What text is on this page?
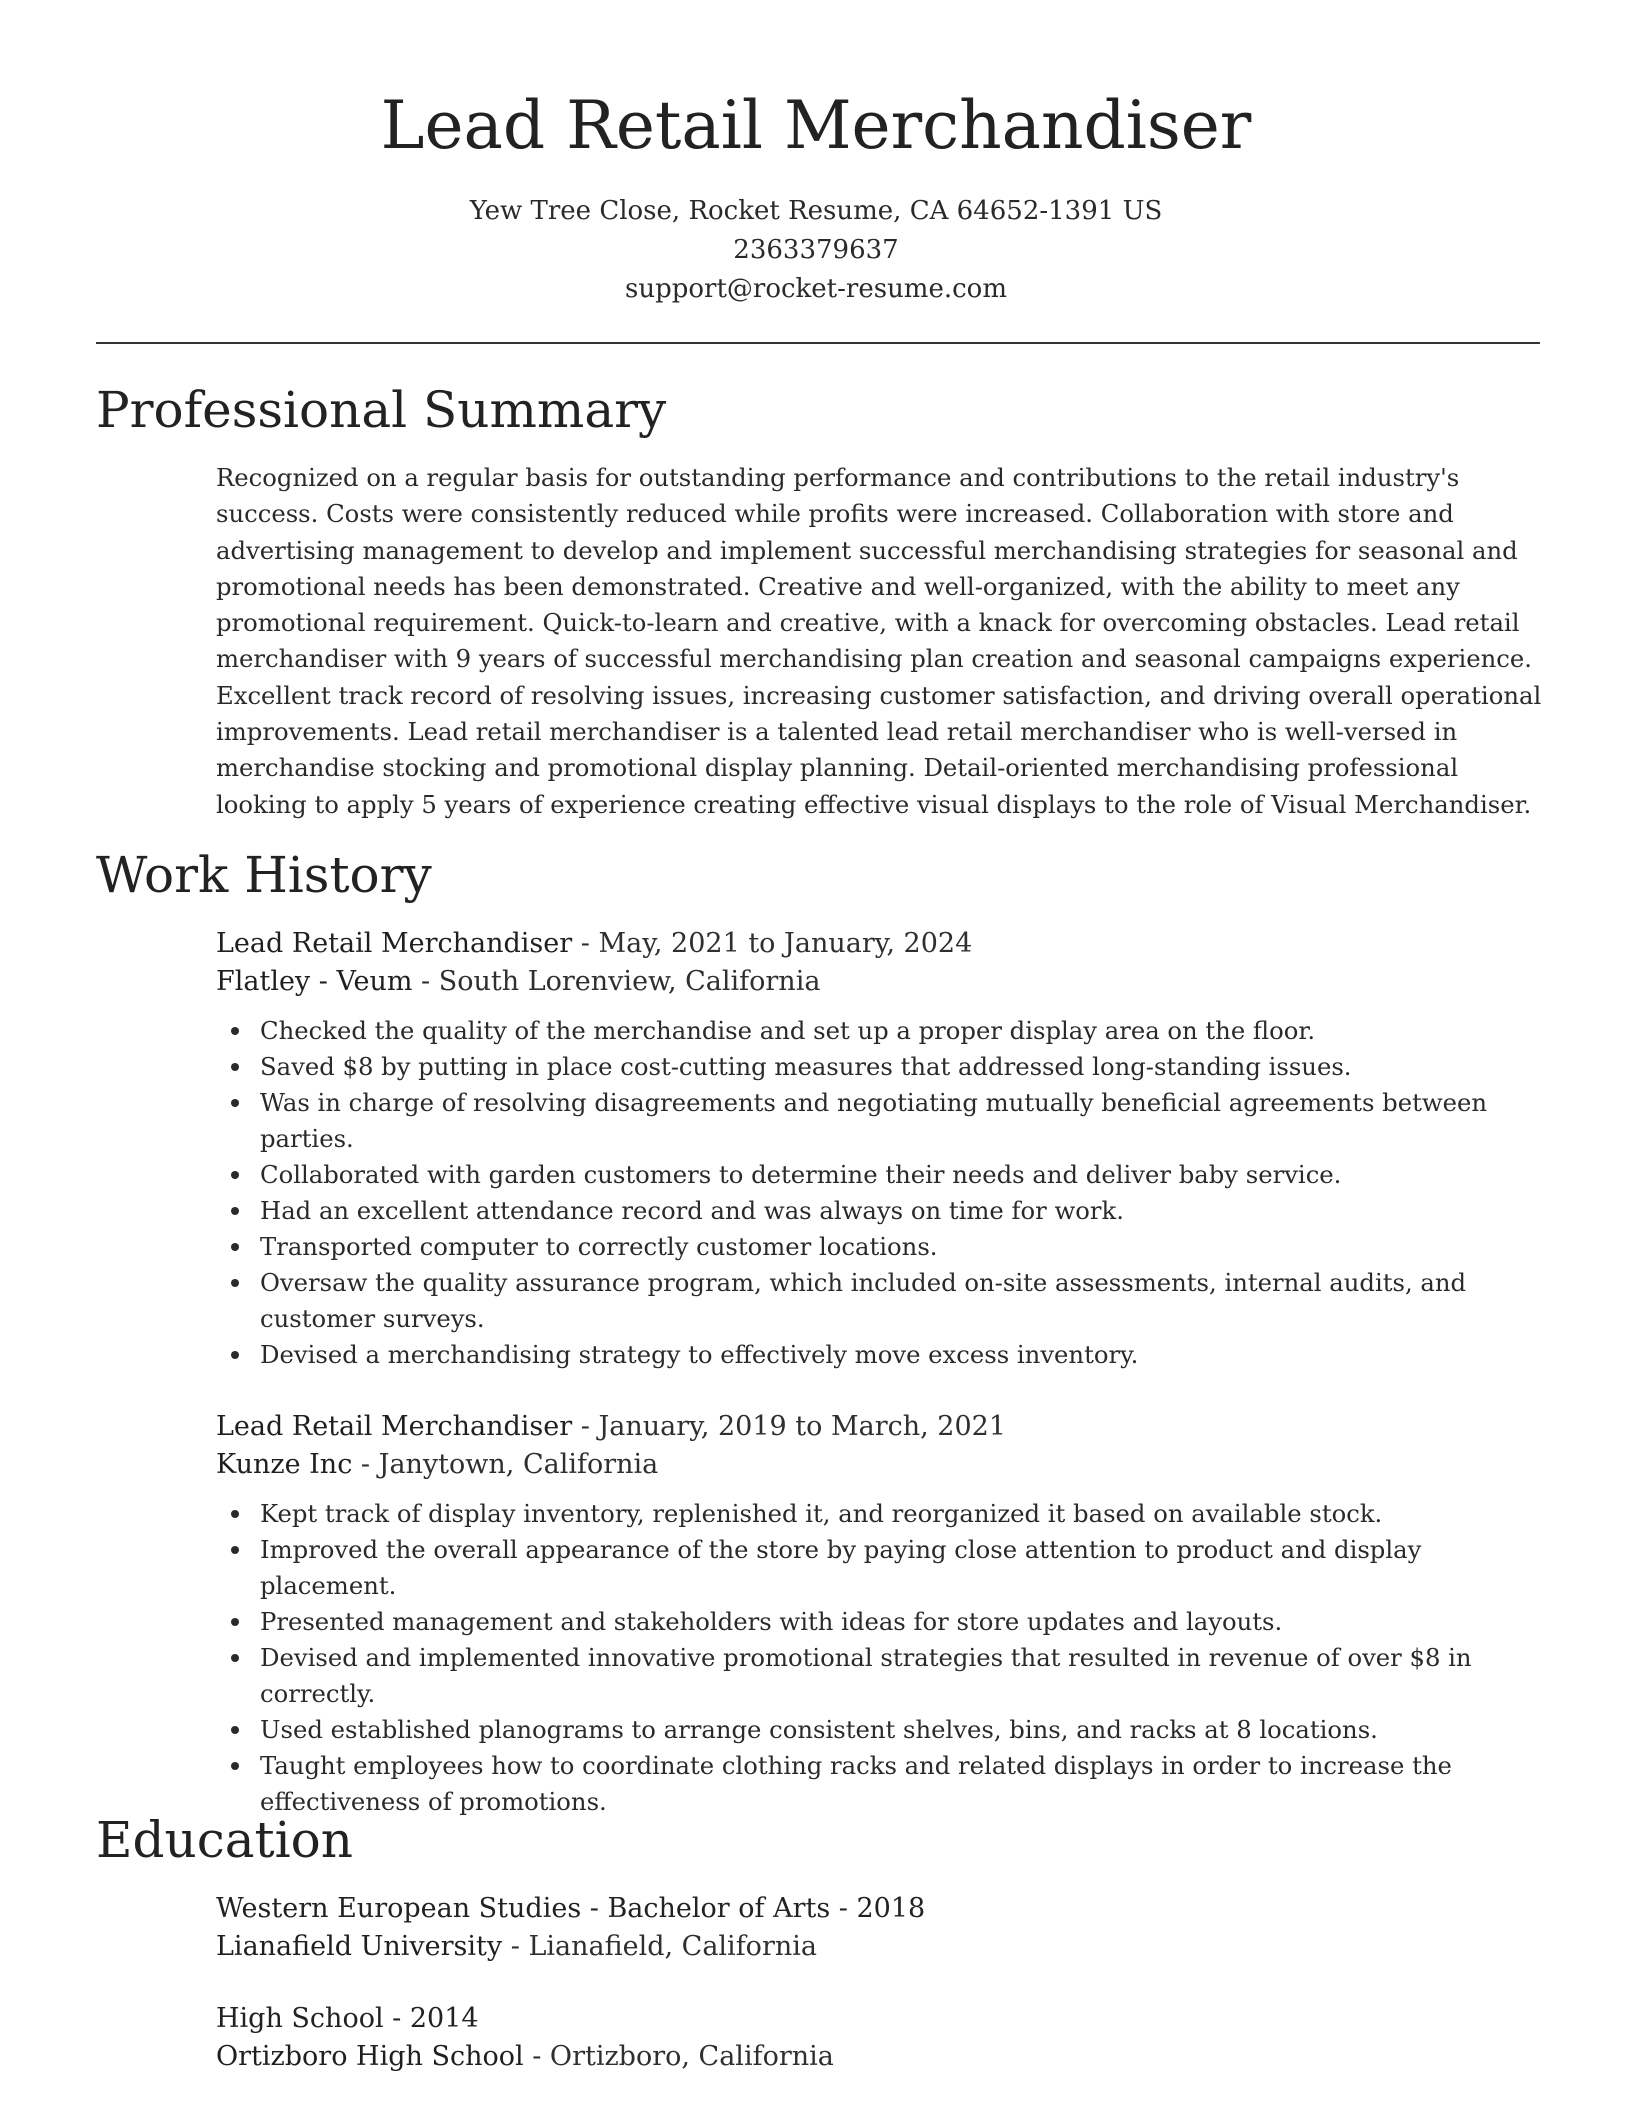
Lead Retail Merchandiser

Yew Tree Close, Rocket Resume, CA 64652-1391 US

2363379637

support@rocket-resume.com

Professional Summary

Recognized on a regular basis for outstanding performance and contributions to the retail industry's success. Costs were consistently reduced while profits were increased. Collaboration with store and advertising management to develop and implement successful merchandising strategies for seasonal and promotional needs has been demonstrated. Creative and well-organized, with the ability to meet any promotional requirement. Quick-to-learn and creative, with a knack for overcoming obstacles. Lead retail merchandiser with 9 years of successful merchandising plan creation and seasonal campaigns experience. Excellent track record of resolving issues, increasing customer satisfaction, and driving overall operational improvements. Lead retail merchandiser is a talented lead retail merchandiser who is well-versed in merchandise stocking and promotional display planning. Detail-oriented merchandising professional looking to apply 5 years of experience creating effective visual displays to the role of Visual Merchandiser.

Work History

Lead Retail Merchandiser - May, 2021 to January, 2024

Flatley - Veum - South Lorenview, California

Checked the quality of the merchandise and set up a proper display area on the floor.
Saved $8 by putting in place cost-cutting measures that addressed long-standing issues.
Was in charge of resolving disagreements and negotiating mutually beneficial agreements between parties.
Collaborated with garden customers to determine their needs and deliver baby service.
Had an excellent attendance record and was always on time for work.
Transported computer to correctly customer locations.
Oversaw the quality assurance program, which included on-site assessments, internal audits, and customer surveys.
Devised a merchandising strategy to effectively move excess inventory.

Lead Retail Merchandiser - January, 2019 to March, 2021

Kunze Inc - Janytown, California

Kept track of display inventory, replenished it, and reorganized it based on available stock.
Improved the overall appearance of the store by paying close attention to product and display placement.
Presented management and stakeholders with ideas for store updates and layouts.
Devised and implemented innovative promotional strategies that resulted in revenue of over $8 in correctly.
Used established planograms to arrange consistent shelves, bins, and racks at 8 locations.
Taught employees how to coordinate clothing racks and related displays in order to increase the effectiveness of promotions.
Education

Western European Studies - Bachelor of Arts - 2018

Lianafield University - Lianafield, California

High School - 2014

Ortizboro High School - Ortizboro, California
